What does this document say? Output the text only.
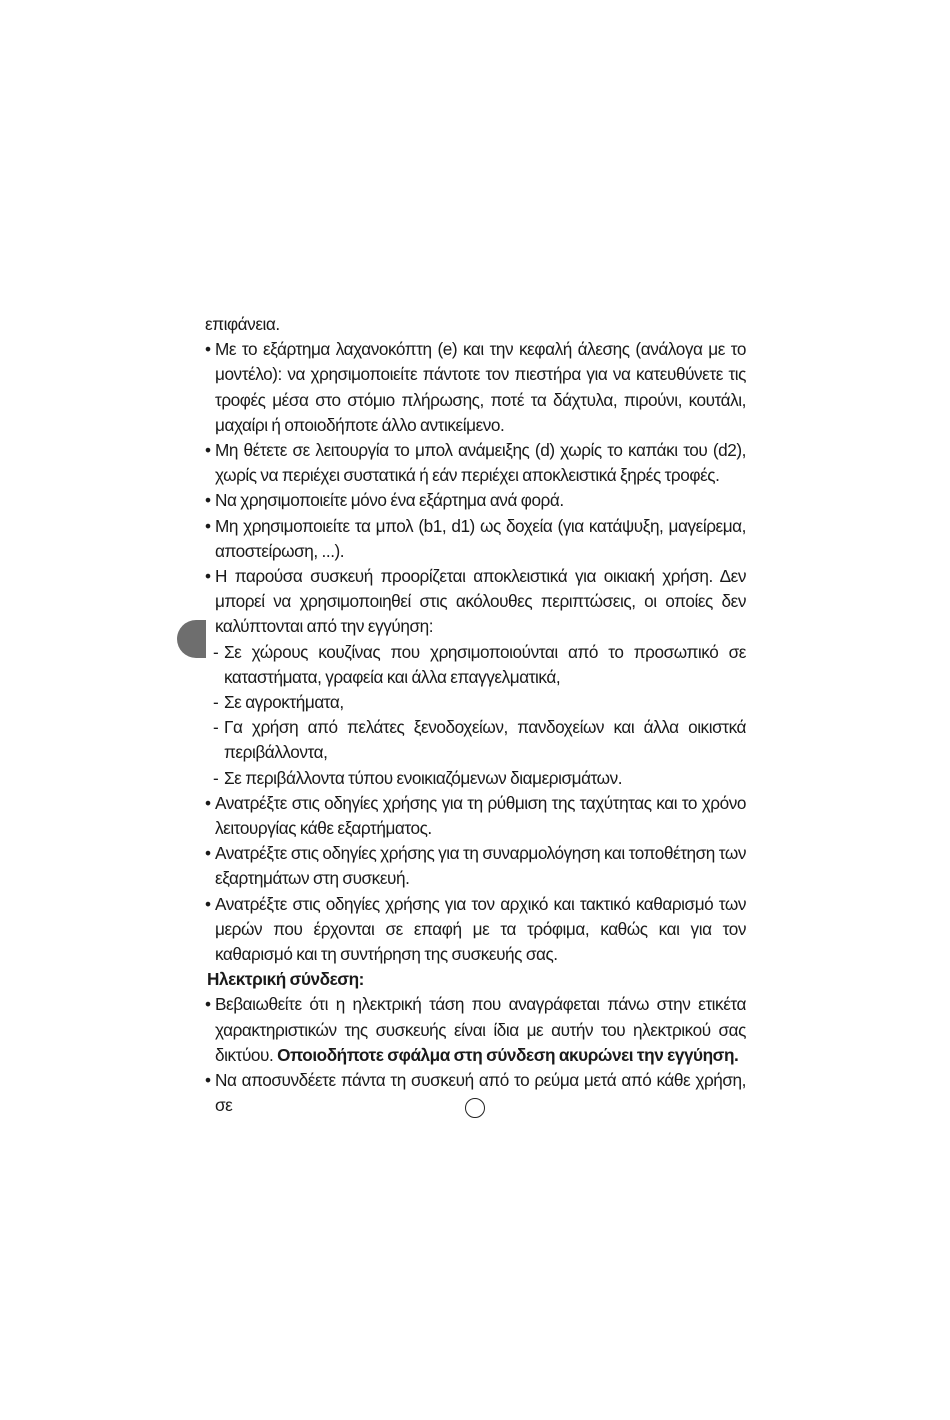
επιφάνεια.

• Με το εξάρτημα λαχανοκόπτη (e) και την κεφαλή άλεσης (ανάλογα με το μοντέλο): να χρησιμοποιείτε πάντοτε τον πιεστήρα για να κατευθύνετε τις τροφές μέσα στο στόμιο πλήρωσης, ποτέ τα δάχτυλα, πιρούνι, κουτάλι, μαχαίρι ή οποιοδήποτε άλλο αντικείμενο.

• Μη θέτετε σε λειτουργία το μπολ ανάμειξης (d) χωρίς το καπάκι του (d2), χωρίς να περιέχει συστατικά ή εάν περιέχει αποκλειστικά ξηρές τροφές.

• Να χρησιμοποιείτε μόνο ένα εξάρτημα ανά φορά.

• Μη χρησιμοποιείτε τα μπολ (b1, d1) ως δοχεία (για κατάψυξη, μαγείρεμα, αποστείρωση, ...).

• Η παρούσα συσκευή προορίζεται αποκλειστικά για οικιακή χρήση. Δεν μπορεί να χρησιμοποιηθεί στις ακόλουθες περιπτώσεις, οι οποίες δεν καλύπτονται από την εγγύηση:

- Σε χώρους κουζίνας που χρησιμοποιούνται από το προσωπικό σε καταστήματα, γραφεία και άλλα επαγγελματικά,

- Σε αγροκτήματα,

- Γα χρήση από πελάτες ξενοδοχείων, πανδοχείων και άλλα οικιστκά περιβάλλοντα,

- Σε περιβάλλοντα τύπου ενοικιαζόμενων διαμερισμάτων.

• Ανατρέξτε στις οδηγίες χρήσης για τη ρύθμιση της ταχύτητας και το χρόνο λειτουργίας κάθε εξαρτήματος.

• Ανατρέξτε στις οδηγίες χρήσης για τη συναρμολόγηση και τοποθέτηση των εξαρτημάτων στη συσκευή.

• Ανατρέξτε στις οδηγίες χρήσης για τον αρχικό και τακτικό καθαρισμό των μερών που έρχονται σε επαφή με τα τρόφιμα, καθώς και για τον καθαρισμό και τη συντήρηση της συσκευής σας.

Ηλεκτρική σύνδεση:

• Βεβαιωθείτε ότι η ηλεκτρική τάση που αναγράφεται πάνω στην ετικέτα χαρακτηριστικών της συσκευής είναι ίδια με αυτήν του ηλεκτρικού σας δικτύου. Οποιοδήποτε σφάλμα στη σύνδεση ακυρώνει την εγγύηση.

• Να αποσυνδέετε πάντα τη συσκευή από το ρεύμα μετά από κάθε χρήση, σε
